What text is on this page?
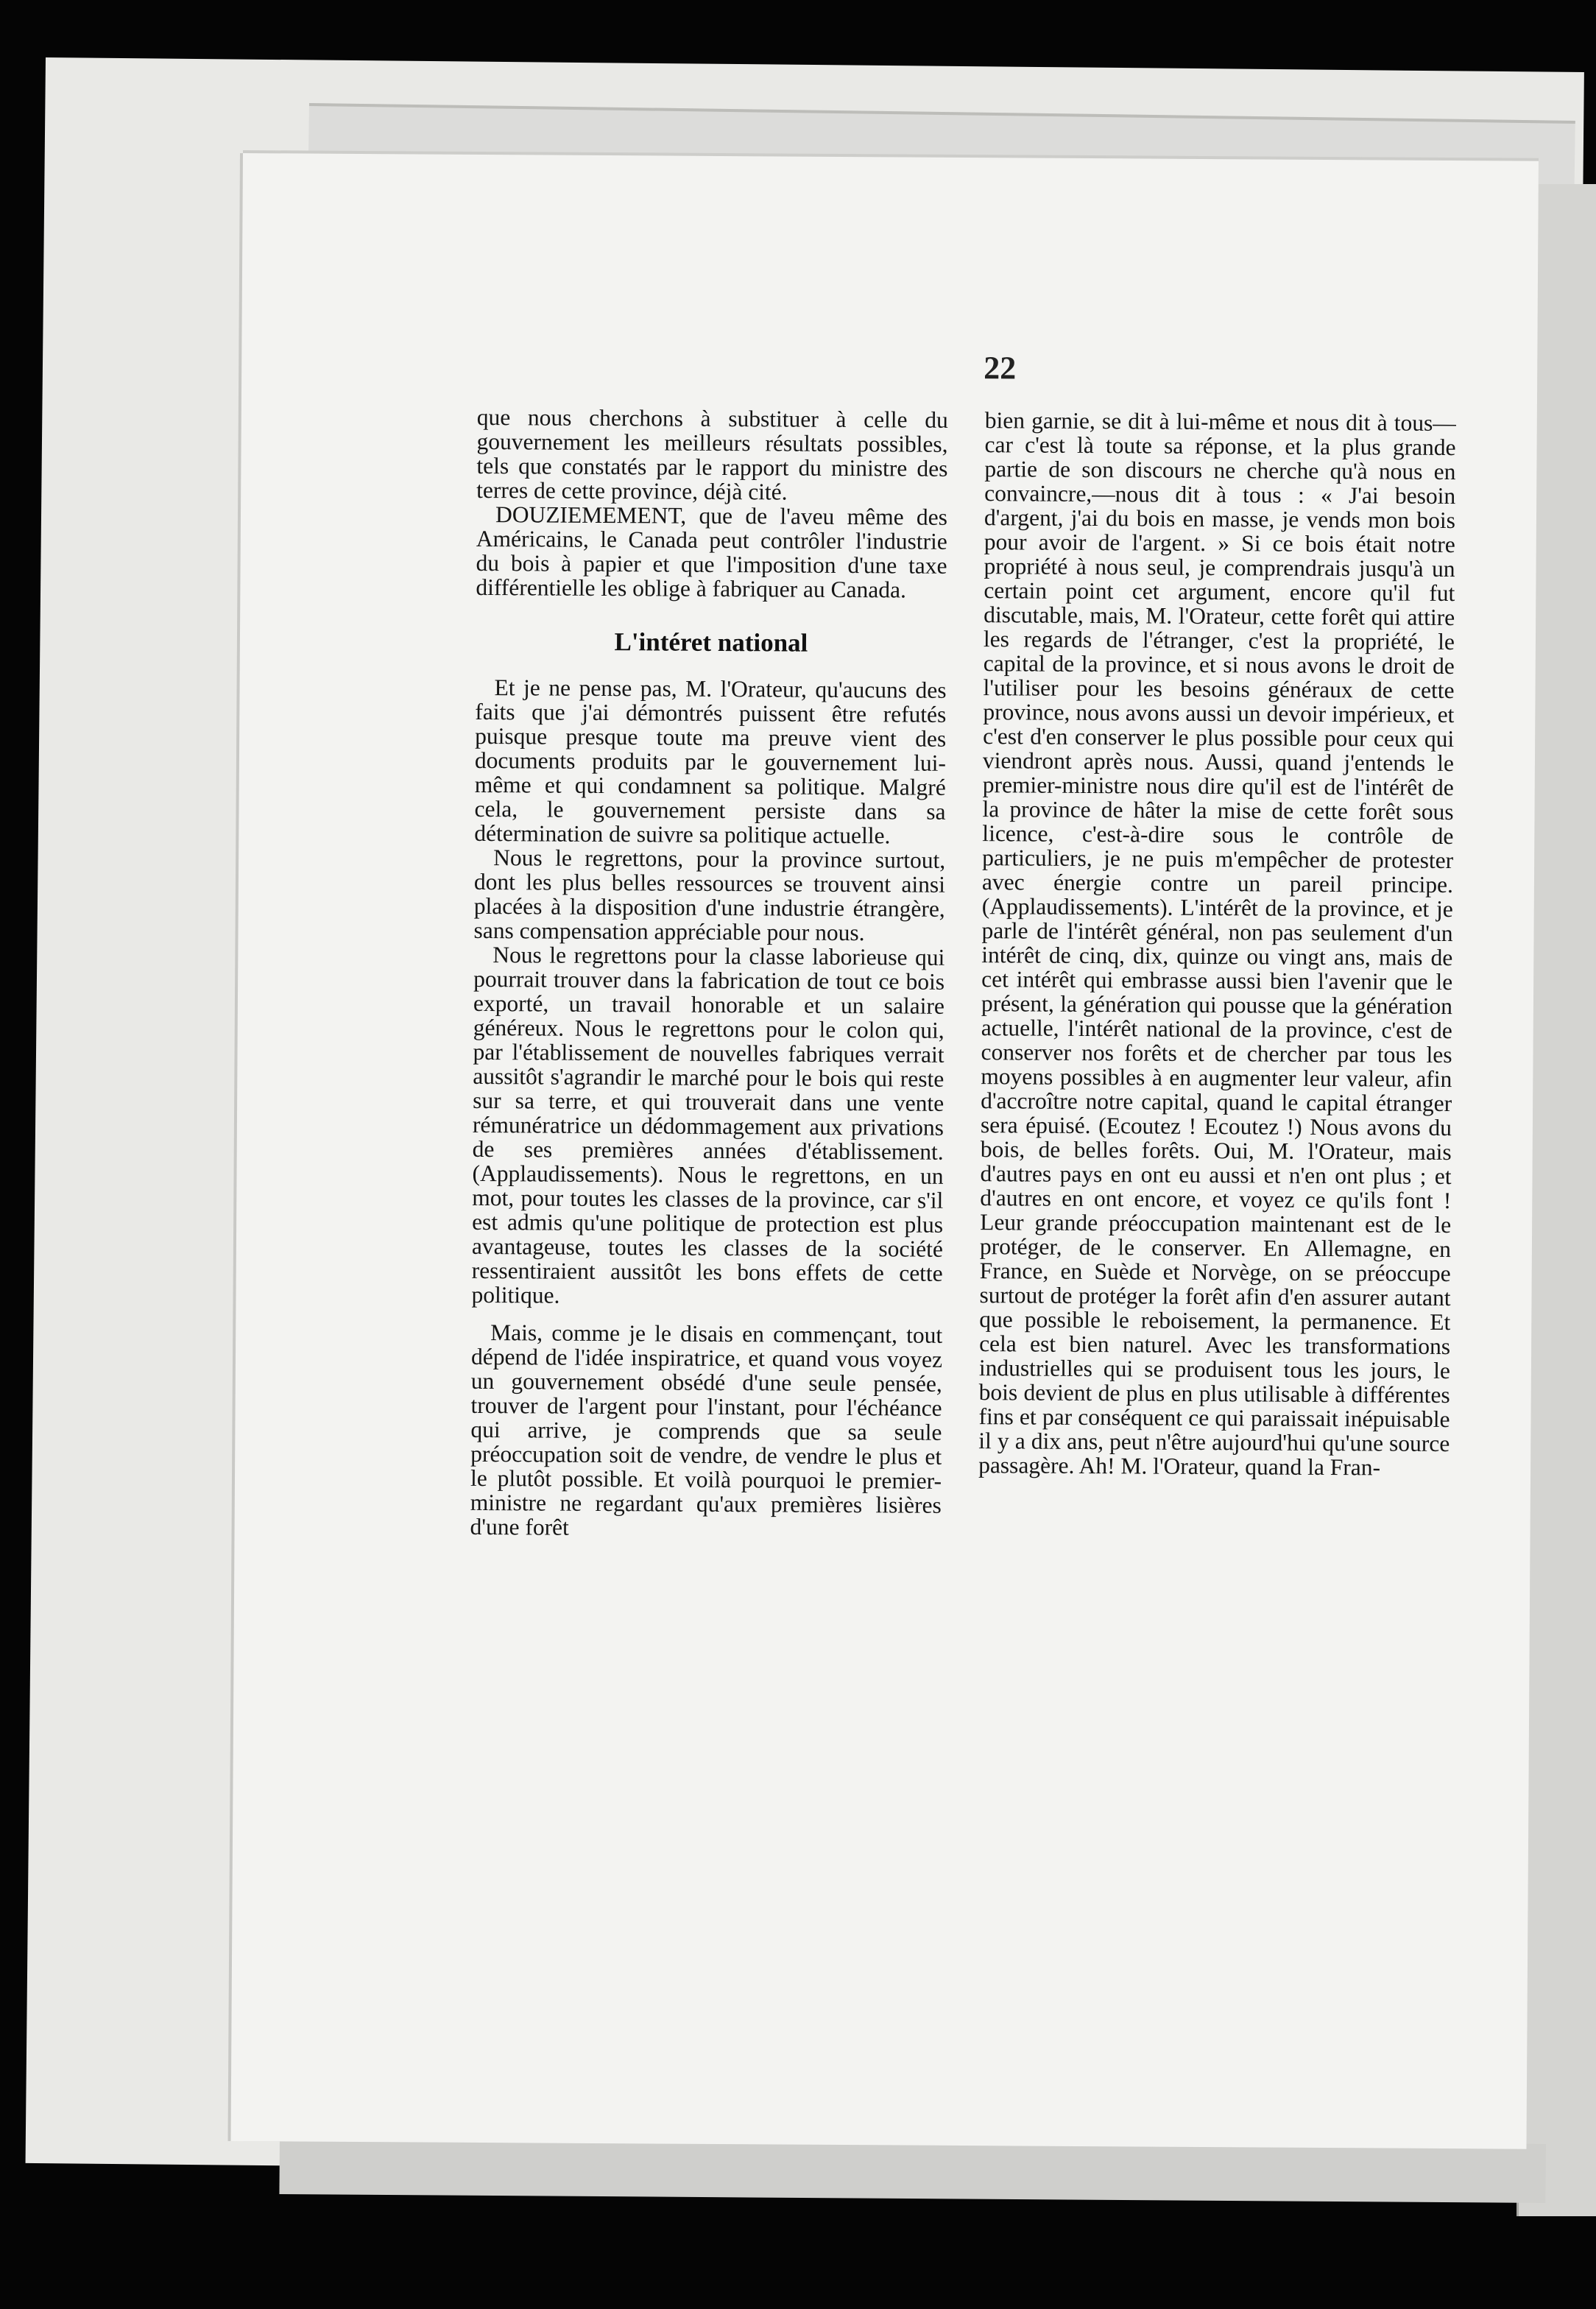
22

que nous cherchons à substituer à celle du gouvernement les meilleurs résultats possibles, tels que constatés par le rapport du ministre des terres de cette province, déjà cité.

DOUZIEMEMENT, que de l'aveu même des Américains, le Canada peut contrôler l'industrie du bois à papier et que l'imposition d'une taxe différentielle les oblige à fabriquer au Canada.

L'intéret national

Et je ne pense pas, M. l'Orateur, qu'aucuns des faits que j'ai démontrés puissent être refutés puisque presque toute ma preuve vient des documents produits par le gouvernement lui-même et qui condamnent sa politique. Malgré cela, le gouvernement persiste dans sa détermination de suivre sa politique actuelle.

Nous le regrettons, pour la province surtout, dont les plus belles ressources se trouvent ainsi placées à la disposition d'une industrie étrangère, sans compensation appréciable pour nous.

Nous le regrettons pour la classe laborieuse qui pourrait trouver dans la fabrication de tout ce bois exporté, un travail honorable et un salaire généreux. Nous le regrettons pour le colon qui, par l'établissement de nouvelles fabriques verrait aussitôt s'agrandir le marché pour le bois qui reste sur sa terre, et qui trouverait dans une vente rémunératrice un dédommagement aux privations de ses premières années d'établissement. (Applaudissements). Nous le regrettons, en un mot, pour toutes les classes de la province, car s'il est admis qu'une politique de protection est plus avantageuse, toutes les classes de la société ressentiraient aussitôt les bons effets de cette politique.

Mais, comme je le disais en commençant, tout dépend de l'idée inspiratrice, et quand vous voyez un gouvernement obsédé d'une seule pensée, trouver de l'argent pour l'instant, pour l'échéance qui arrive, je comprends que sa seule préoccupation soit de vendre, de vendre le plus et le plutôt possible. Et voilà pourquoi le premier-ministre ne regardant qu'aux premières lisières d'une forêt

bien garnie, se dit à lui-même et nous dit à tous—car c'est là toute sa réponse, et la plus grande partie de son discours ne cherche qu'à nous en convaincre,—nous dit à tous : « J'ai besoin d'argent, j'ai du bois en masse, je vends mon bois pour avoir de l'argent. » Si ce bois était notre propriété à nous seul, je comprendrais jusqu'à un certain point cet argument, encore qu'il fut discutable, mais, M. l'Orateur, cette forêt qui attire les regards de l'étranger, c'est la propriété, le capital de la province, et si nous avons le droit de l'utiliser pour les besoins généraux de cette province, nous avons aussi un devoir impérieux, et c'est d'en conserver le plus possible pour ceux qui viendront après nous. Aussi, quand j'entends le premier-ministre nous dire qu'il est de l'intérêt de la province de hâter la mise de cette forêt sous licence, c'est-à-dire sous le contrôle de particuliers, je ne puis m'empêcher de protester avec énergie contre un pareil principe. (Applaudissements). L'intérêt de la province, et je parle de l'intérêt général, non pas seulement d'un intérêt de cinq, dix, quinze ou vingt ans, mais de cet intérêt qui embrasse aussi bien l'avenir que le présent, la génération qui pousse que la génération actuelle, l'intérêt national de la province, c'est de conserver nos forêts et de chercher par tous les moyens possibles à en augmenter leur valeur, afin d'accroître notre capital, quand le capital étranger sera épuisé. (Ecoutez ! Ecoutez !) Nous avons du bois, de belles forêts. Oui, M. l'Orateur, mais d'autres pays en ont eu aussi et n'en ont plus ; et d'autres en ont encore, et voyez ce qu'ils font ! Leur grande préoccupation maintenant est de le protéger, de le conserver. En Allemagne, en France, en Suède et Norvège, on se préoccupe surtout de protéger la forêt afin d'en assurer autant que possible le reboisement, la permanence. Et cela est bien naturel. Avec les transformations industrielles qui se produisent tous les jours, le bois devient de plus en plus utilisable à différentes fins et par conséquent ce qui paraissait inépuisable il y a dix ans, peut n'être aujourd'hui qu'une source passagère. Ah! M. l'Orateur, quand la Fran-
